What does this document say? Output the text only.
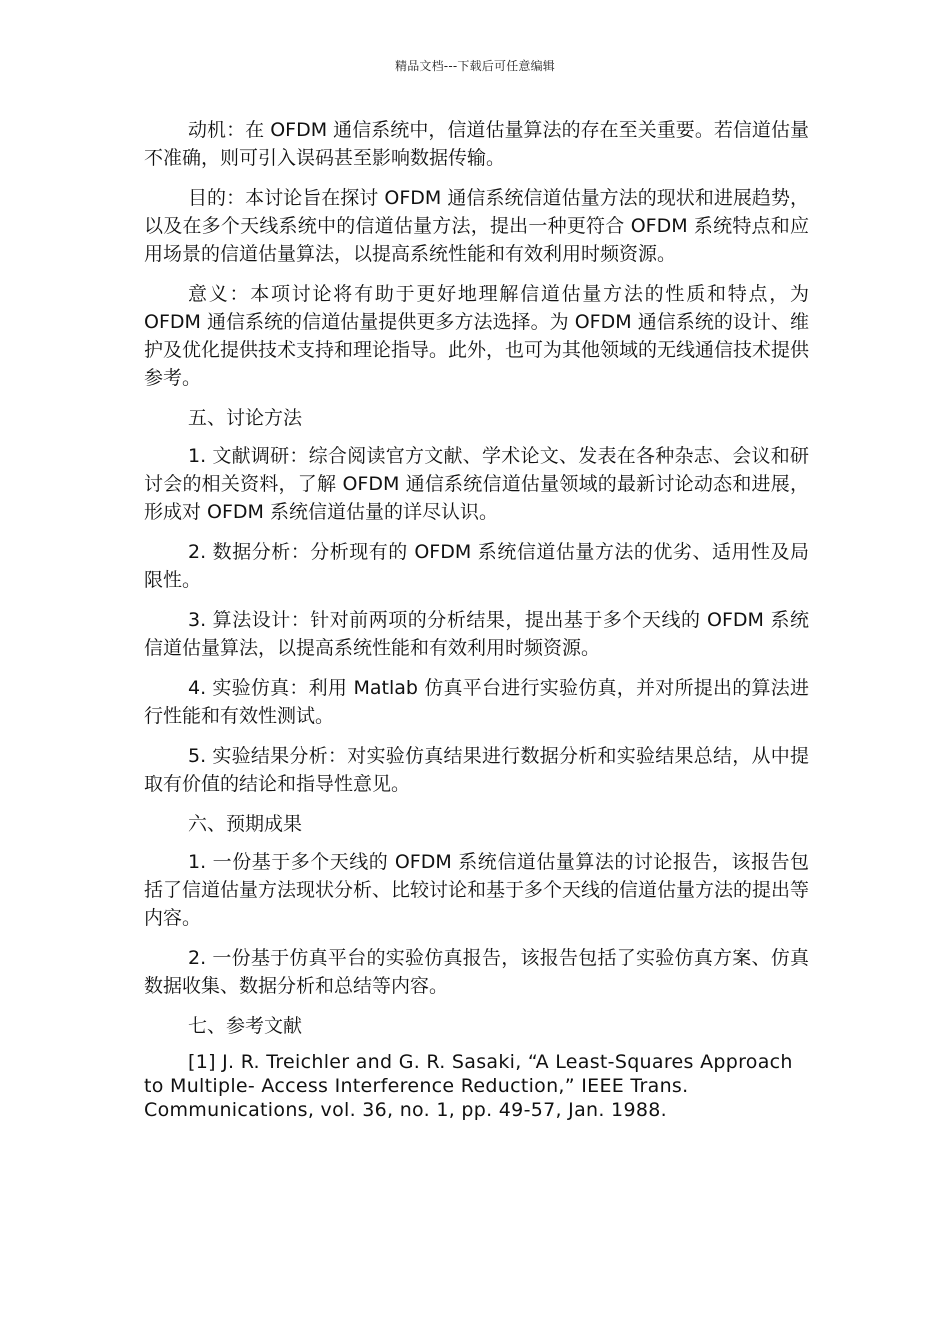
精品文档---下载后可任意编辑

动机：在 OFDM 通信系统中，信道估量算法的存在至关重要。若信道估量不准确，则可引入误码甚至影响数据传输。

目的：本讨论旨在探讨 OFDM 通信系统信道估量方法的现状和进展趋势，以及在多个天线系统中的信道估量方法，提出一种更符合 OFDM 系统特点和应用场景的信道估量算法，以提高系统性能和有效利用时频资源。

意义：本项讨论将有助于更好地理解信道估量方法的性质和特点，为 OFDM 通信系统的信道估量提供更多方法选择。为 OFDM 通信系统的设计、维护及优化提供技术支持和理论指导。此外，也可为其他领域的无线通信技术提供参考。

五、讨论方法

1. 文献调研：综合阅读官方文献、学术论文、发表在各种杂志、会议和研讨会的相关资料，了解 OFDM 通信系统信道估量领域的最新讨论动态和进展，形成对 OFDM 系统信道估量的详尽认识。

2. 数据分析：分析现有的 OFDM 系统信道估量方法的优劣、适用性及局限性。

3. 算法设计：针对前两项的分析结果，提出基于多个天线的 OFDM 系统信道估量算法，以提高系统性能和有效利用时频资源。

4. 实验仿真：利用 Matlab 仿真平台进行实验仿真，并对所提出的算法进行性能和有效性测试。

5. 实验结果分析：对实验仿真结果进行数据分析和实验结果总结，从中提取有价值的结论和指导性意见。

六、预期成果

1. 一份基于多个天线的 OFDM 系统信道估量算法的讨论报告，该报告包括了信道估量方法现状分析、比较讨论和基于多个天线的信道估量方法的提出等内容。

2. 一份基于仿真平台的实验仿真报告，该报告包括了实验仿真方案、仿真数据收集、数据分析和总结等内容。

七、参考文献

[1] J. R. Treichler and G. R. Sasaki, “A Least-Squares Approach to Multiple- Access Interference Reduction,” IEEE Trans. Communications, vol. 36, no. 1, pp. 49-57, Jan. 1988.
